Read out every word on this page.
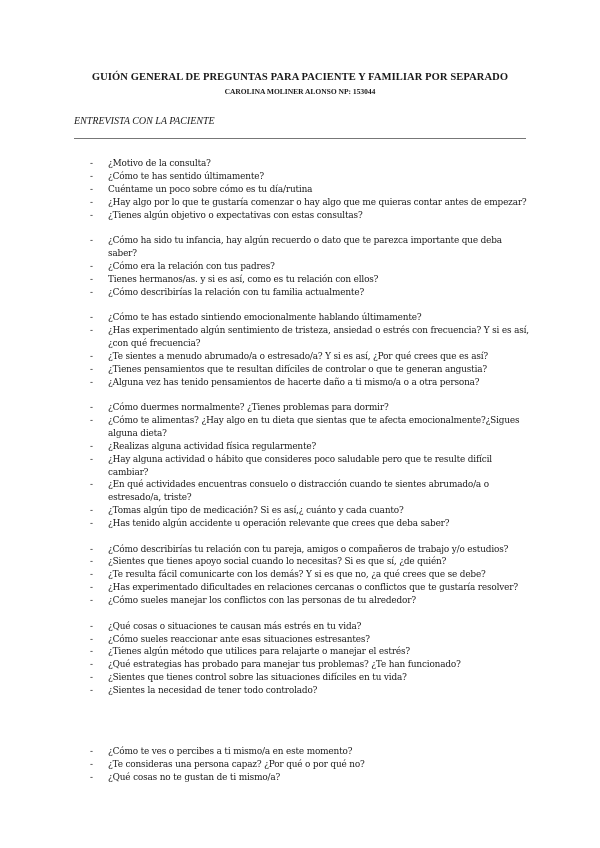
GUIÓN GENERAL DE PREGUNTAS PARA PACIENTE Y FAMILIAR POR SEPARADO
CAROLINA MOLINER ALONSO NP: 153044
ENTREVISTA CON LA PACIENTE
- ¿Motivo de la consulta?
- ¿Cómo te has sentido últimamente?
- Cuéntame un poco sobre cómo es tu día/rutina
- ¿Hay algo por lo que te gustaría comenzar o hay algo que me quieras contar antes de empezar?
- ¿Tienes algún objetivo o expectativas con estas consultas?
- ¿Cómo ha sido tu infancia, hay algún recuerdo o dato que te parezca importante que deba saber?
- ¿Cómo era la relación con tus padres?
- Tienes hermanos/as. y si es así, como es tu relación con ellos?
- ¿Cómo describirías la relación con tu familia actualmente?
- ¿Cómo te has estado sintiendo emocionalmente hablando últimamente?
- ¿Has experimentado algún sentimiento de tristeza, ansiedad o estrés con frecuencia? Y si es así, ¿con qué frecuencia?
- ¿Te sientes a menudo abrumado/a o estresado/a? Y si es así, ¿Por qué crees que es así?
- ¿Tienes pensamientos que te resultan difíciles de controlar o que te generan angustia?
- ¿Alguna vez has tenido pensamientos de hacerte daño a ti mismo/a o a otra persona?
- ¿Cómo duermes normalmente? ¿Tienes problemas para dormir?
- ¿Cómo te alimentas? ¿Hay algo en tu dieta que sientas que te afecta emocionalmente?¿Sigues alguna dieta?
- ¿Realizas alguna actividad física regularmente?
- ¿Hay alguna actividad o hábito que consideres poco saludable pero que te resulte difícil cambiar?
- ¿En qué actividades encuentras consuelo o distracción cuando te sientes abrumado/a o estresado/a, triste?
- ¿Tomas algún tipo de medicación? Si es así,¿ cuánto y cada cuanto?
- ¿Has tenido algún accidente u operación relevante que crees que deba saber?
- ¿Cómo describirías tu relación con tu pareja, amigos o compañeros de trabajo y/o estudios?
- ¿Sientes que tienes apoyo social cuando lo necesitas? Si es que sí, ¿de quién?
- ¿Te resulta fácil comunicarte con los demás? Y si es que no, ¿a qué crees que se debe?
- ¿Has experimentado dificultades en relaciones cercanas o conflictos que te gustaría resolver?
- ¿Cómo sueles manejar los conflictos con las personas de tu alrededor?
- ¿Qué cosas o situaciones te causan más estrés en tu vida?
- ¿Cómo sueles reaccionar ante esas situaciones estresantes?
- ¿Tienes algún método que utilices para relajarte o manejar el estrés?
- ¿Qué estrategias has probado para manejar tus problemas? ¿Te han funcionado?
- ¿Sientes que tienes control sobre las situaciones difíciles en tu vida?
- ¿Sientes la necesidad de tener todo controlado?
- ¿Cómo te ves o percibes a ti mismo/a en este momento?
- ¿Te consideras una persona capaz? ¿Por qué o por qué no?
- ¿Qué cosas no te gustan de ti mismo/a?
